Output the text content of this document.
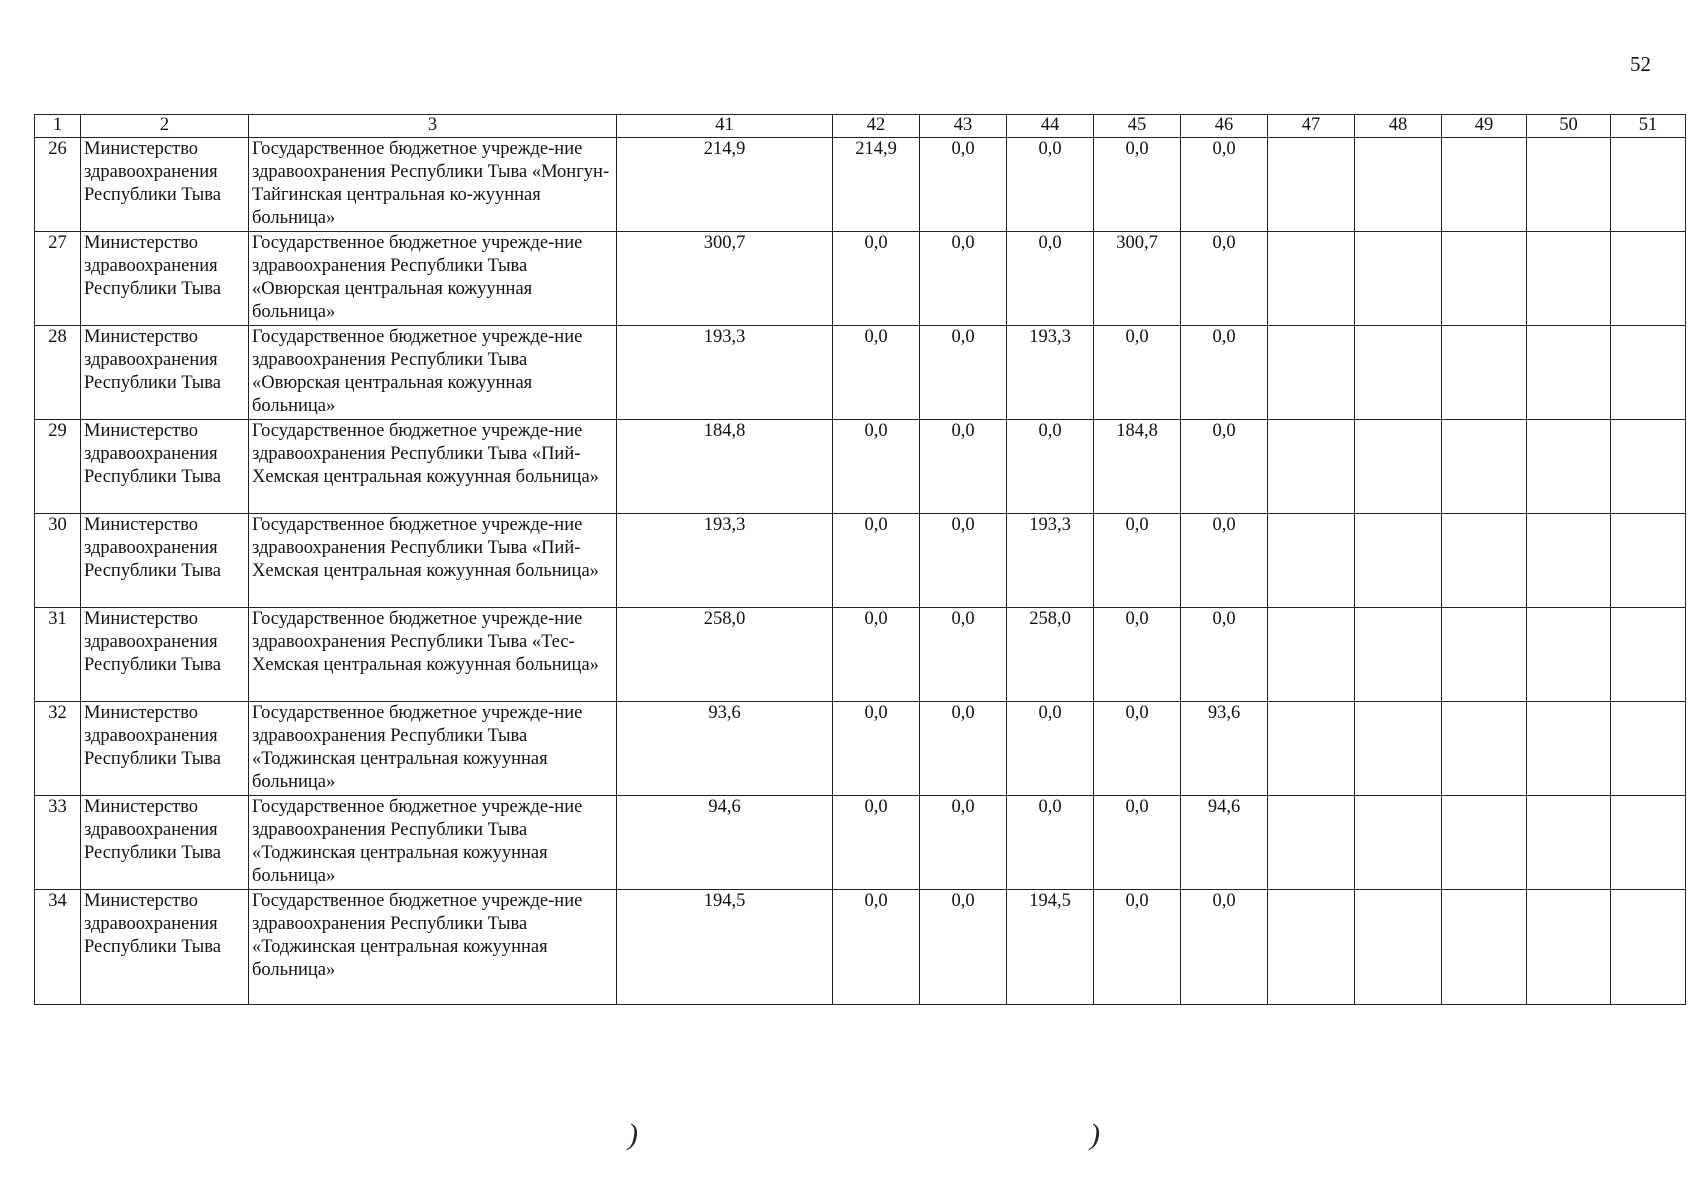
52
1	2	3	41	42	43	44	45	46	47	48	49	50	51
26	Министерство здравоохранения Республики Тыва	Государственное бюджетное учрежде-ние здравоохранения Республики Тыва «Монгун-Тайгинская центральная ко-жуунная больница»	214,9	214,9	0,0	0,0	0,0	0,0					
27	Министерство здравоохранения Республики Тыва	Государственное бюджетное учрежде-ние здравоохранения Республики Тыва «Овюрская центральная кожуунная больница»	300,7	0,0	0,0	0,0	300,7	0,0					
28	Министерство здравоохранения Республики Тыва	Государственное бюджетное учрежде-ние здравоохранения Республики Тыва «Овюрская центральная кожуунная больница»	193,3	0,0	0,0	193,3	0,0	0,0					
29	Министерство здравоохранения Республики Тыва	Государственное бюджетное учрежде-ние здравоохранения Республики Тыва «Пий-Хемская центральная кожуунная больница»	184,8	0,0	0,0	0,0	184,8	0,0					
30	Министерство здравоохранения Республики Тыва	Государственное бюджетное учрежде-ние здравоохранения Республики Тыва «Пий-Хемская центральная кожуунная больница»	193,3	0,0	0,0	193,3	0,0	0,0					
31	Министерство здравоохранения Республики Тыва	Государственное бюджетное учрежде-ние здравоохранения Республики Тыва «Тес-Хемская центральная кожуунная больница»	258,0	0,0	0,0	258,0	0,0	0,0					
32	Министерство здравоохранения Республики Тыва	Государственное бюджетное учрежде-ние здравоохранения Республики Тыва «Тоджинская центральная кожуунная больница»	93,6	0,0	0,0	0,0	0,0	93,6					
33	Министерство здравоохранения Республики Тыва	Государственное бюджетное учрежде-ние здравоохранения Республики Тыва «Тоджинская центральная кожуунная больница»	94,6	0,0	0,0	0,0	0,0	94,6					
34	Министерство здравоохранения Республики Тыва	Государственное бюджетное учрежде-ние здравоохранения Республики Тыва «Тоджинская центральная кожуунная больница»	194,5	0,0	0,0	194,5	0,0	0,0					
)	)
